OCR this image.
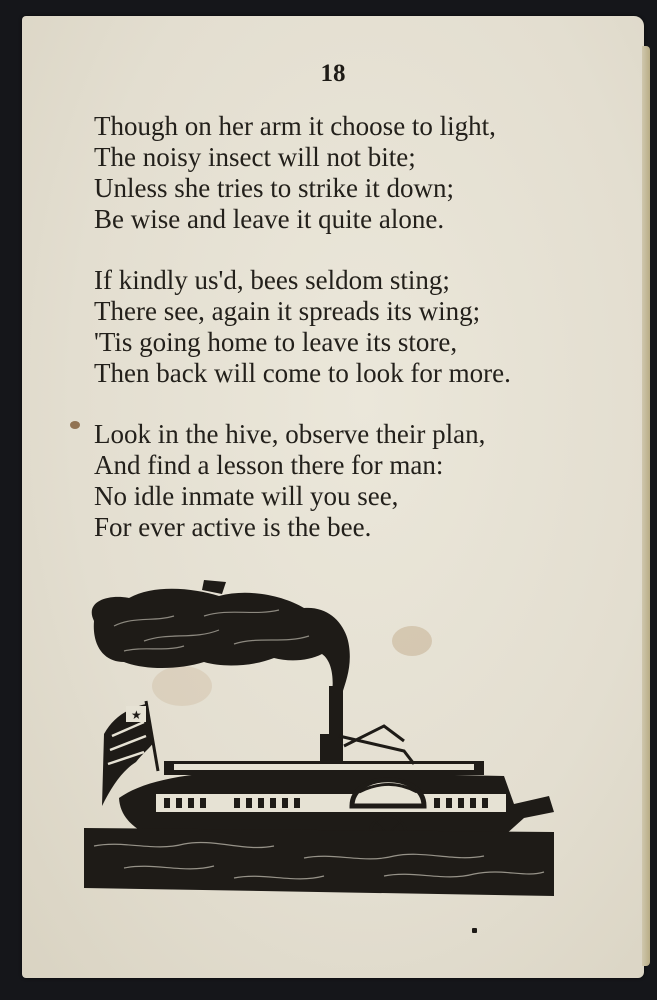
18
Though on her arm it choose to light,
The noisy insect will not bite;
Unless she tries to strike it down;
Be wise and leave it quite alone.
If kindly us'd, bees seldom sting;
There see, again it spreads its wing;
'Tis going home to leave its store,
Then back will come to look for more.
Look in the hive, observe their plan,
And find a lesson there for man:
No idle inmate will you see,
For ever active is the bee.
★
